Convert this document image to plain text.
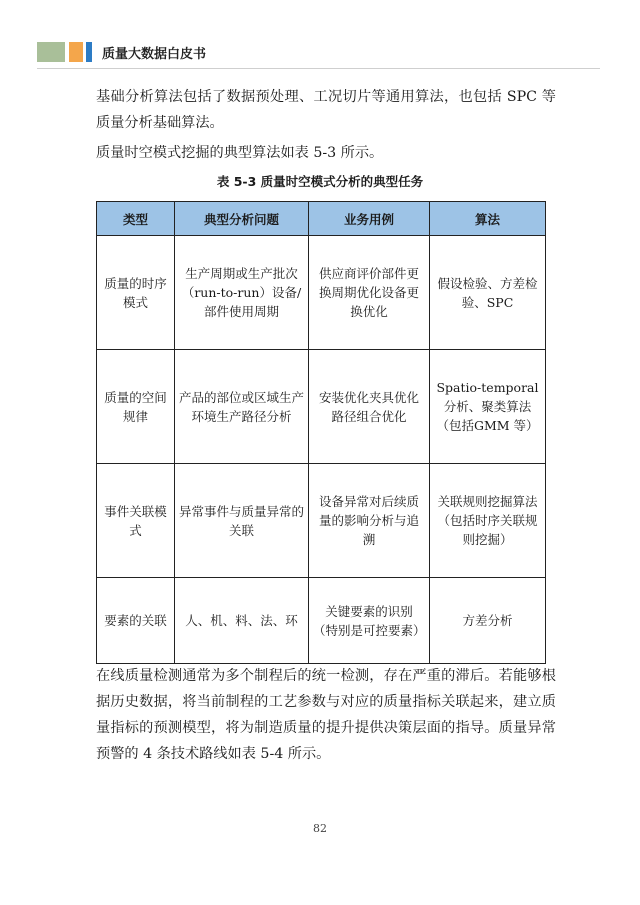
质量大数据白皮书
基础分析算法包括了数据预处理、工况切片等通用算法，也包括 SPC 等质量分析基础算法。
质量时空模式挖掘的典型算法如表 5-3 所示。
表 5-3 质量时空模式分析的典型任务
类型	典型分析问题	业务用例	算法
质量的时序模式	生产周期或生产批次（run-to-run）设备/部件使用周期	供应商评价部件更换周期优化设备更换优化	假设检验、方差检验、SPC
质量的空间规律	产品的部位或区域生产环境生产路径分析	安装优化夹具优化路径组合优化	Spatio-temporal分析、聚类算法（包括GMM 等）
事件关联模式	异常事件与质量异常的关联	设备异常对后续质量的影响分析与追溯	关联规则挖掘算法（包括时序关联规则挖掘）
要素的关联	人、机、料、法、环	关键要素的识别（特别是可控要素）	方差分析
在线质量检测通常为多个制程后的统一检测，存在严重的滞后。若能够根据历史数据，将当前制程的工艺参数与对应的质量指标关联起来，建立质量指标的预测模型，将为制造质量的提升提供决策层面的指导。质量异常预警的 4 条技术路线如表 5-4 所示。
82
